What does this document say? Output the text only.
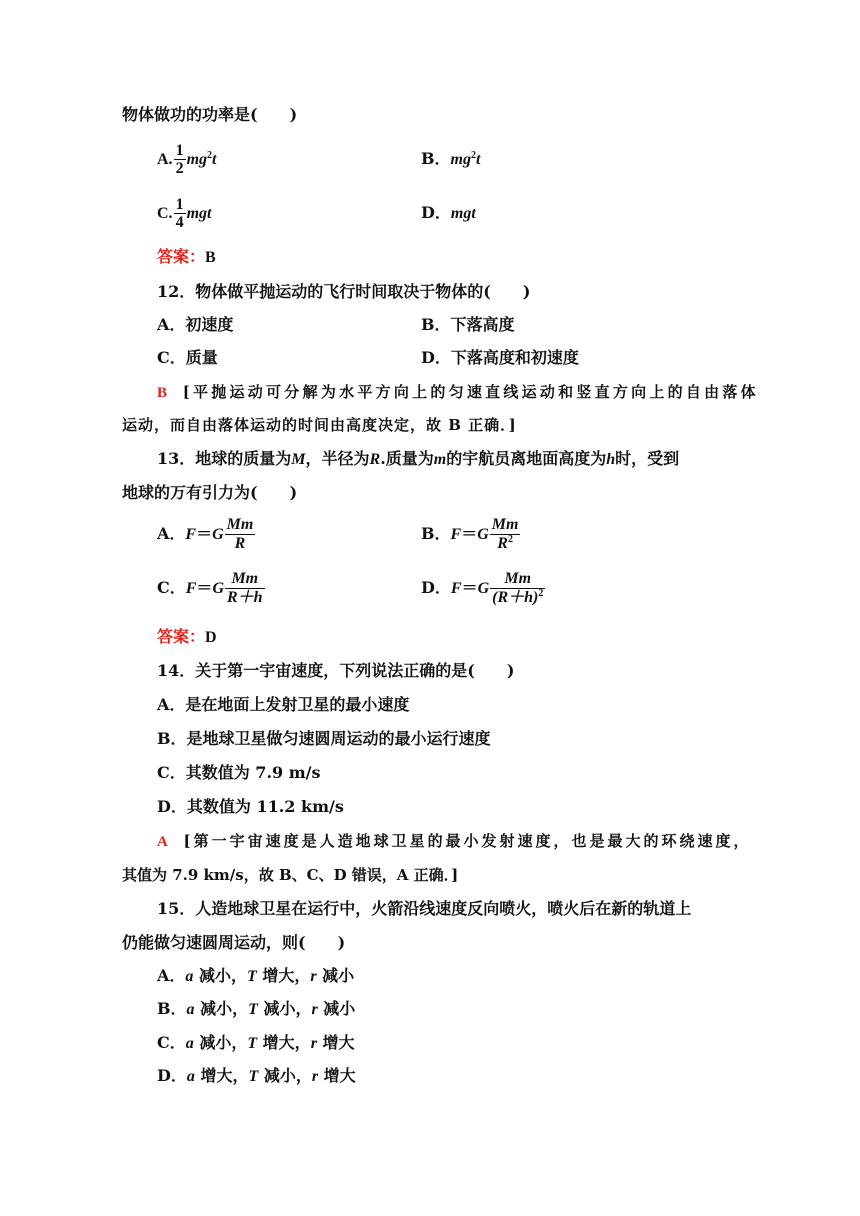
物体做功的功率是(　　)
A. $\frac{1}{2} mg^2t$	B．$mg^2t$
C. $\frac{1}{4}$ mgt	D．mgt
答案：B
12．物体做平抛运动的飞行时间取决于物体的(　　)
A．初速度	B．下落高度
C．质量	D．下落高度和初速度
B [平抛运动可分解为水平方向上的匀速直线运动和竖直方向上的自由落体
运动，而自由落体运动的时间由高度决定，故 B 正确．]
13．地球的质量为M，半径为R.质量为m的宇航员离地面高度为h时，受到
地球的万有引力为(　　)
A．$F=G \frac{Mm}{R}$	B．$F=G \frac{Mm}{R^2}$
C．$F=G \frac{Mm}{R+h}$	D．$F=G \frac{Mm}{(R+h)^2}$
答案：D
14．关于第一宇宙速度，下列说法正确的是(　　)
A．是在地面上发射卫星的最小速度
B．是地球卫星做匀速圆周运动的最小运行速度
C．其数值为 7.9 m/s
D．其数值为 11.2 km/s
A [第一宇宙速度是人造地球卫星的最小发射速度，也是最大的环绕速度，
其值为 7.9 km/s，故 B、C、D 错误，A 正确．]
15．人造地球卫星在运行中，火箭沿线速度反向喷火，喷火后在新的轨道上
仍能做匀速圆周运动，则(　　)
A．a 减小，T 增大，r 减小
B．a 减小，T 减小，r 减小
C．a 减小，T 增大，r 增大
D．a 增大，T 减小，r 增大
